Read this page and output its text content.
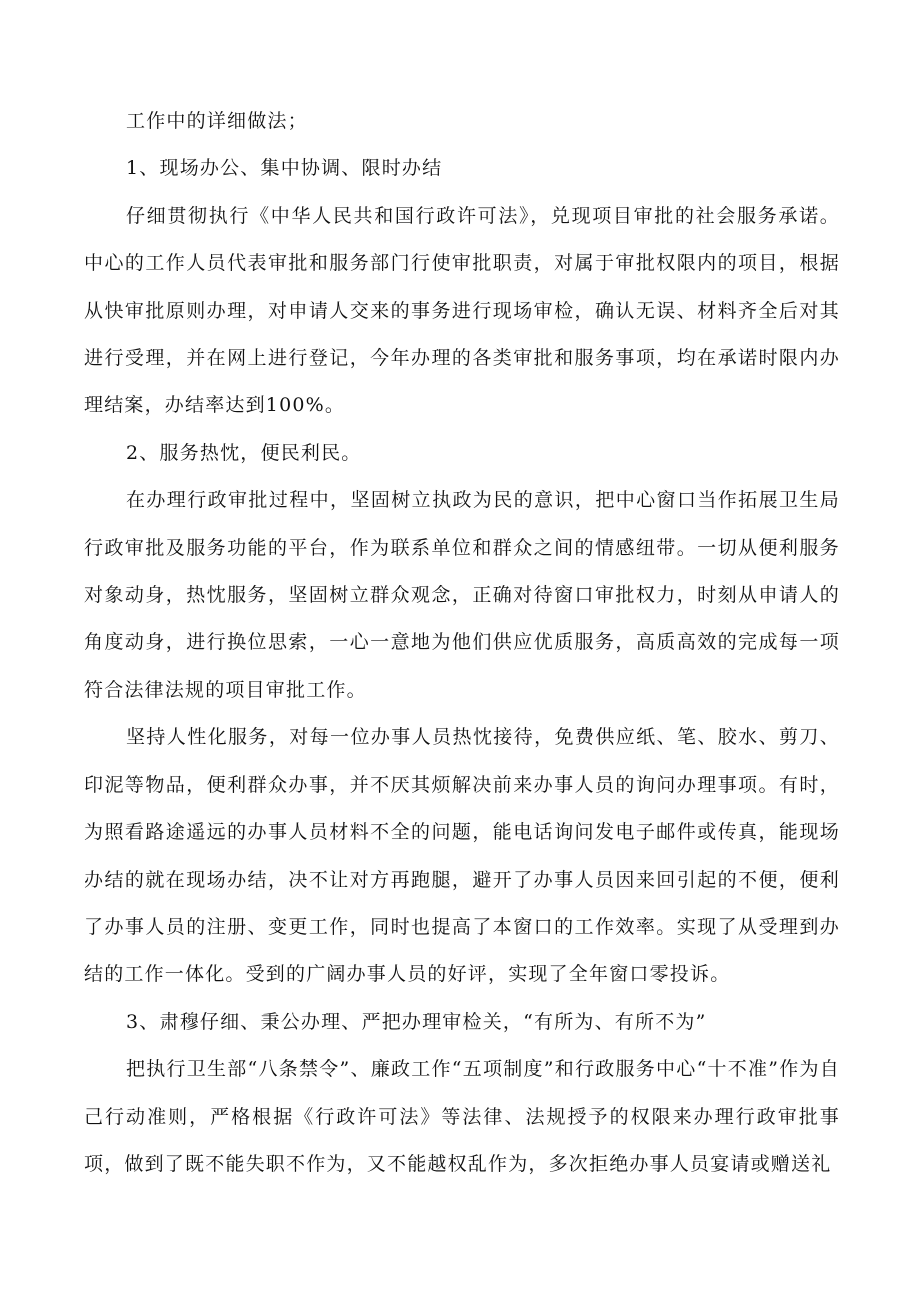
工作中的详细做法；

1、现场办公、集中协调、限时办结

仔细贯彻执行《中华人民共和国行政许可法》，兑现项目审批的社会服务承诺。中心的工作人员代表审批和服务部门行使审批职责，对属于审批权限内的项目，根据从快审批原则办理，对申请人交来的事务进行现场审检，确认无误、材料齐全后对其进行受理，并在网上进行登记，今年办理的各类审批和服务事项，均在承诺时限内办理结案，办结率达到100%。

2、服务热忱，便民利民。

在办理行政审批过程中，坚固树立执政为民的意识，把中心窗口当作拓展卫生局行政审批及服务功能的平台，作为联系单位和群众之间的情感纽带。一切从便利服务对象动身，热忱服务，坚固树立群众观念，正确对待窗口审批权力，时刻从申请人的角度动身，进行换位思索，一心一意地为他们供应优质服务，高质高效的完成每一项符合法律法规的项目审批工作。

坚持人性化服务，对每一位办事人员热忱接待，免费供应纸、笔、胶水、剪刀、印泥等物品，便利群众办事，并不厌其烦解决前来办事人员的询问办理事项。有时，为照看路途遥远的办事人员材料不全的问题，能电话询问发电子邮件或传真，能现场办结的就在现场办结，决不让对方再跑腿，避开了办事人员因来回引起的不便，便利了办事人员的注册、变更工作，同时也提高了本窗口的工作效率。实现了从受理到办结的工作一体化。受到的广阔办事人员的好评，实现了全年窗口零投诉。

3、肃穆仔细、秉公办理、严把办理审检关，“有所为、有所不为”

把执行卫生部“八条禁令”、廉政工作“五项制度”和行政服务中心“十不准”作为自己行动准则，严格根据《行政许可法》等法律、法规授予的权限来办理行政审批事项，做到了既不能失职不作为，又不能越权乱作为，多次拒绝办事人员宴请或赠送礼
